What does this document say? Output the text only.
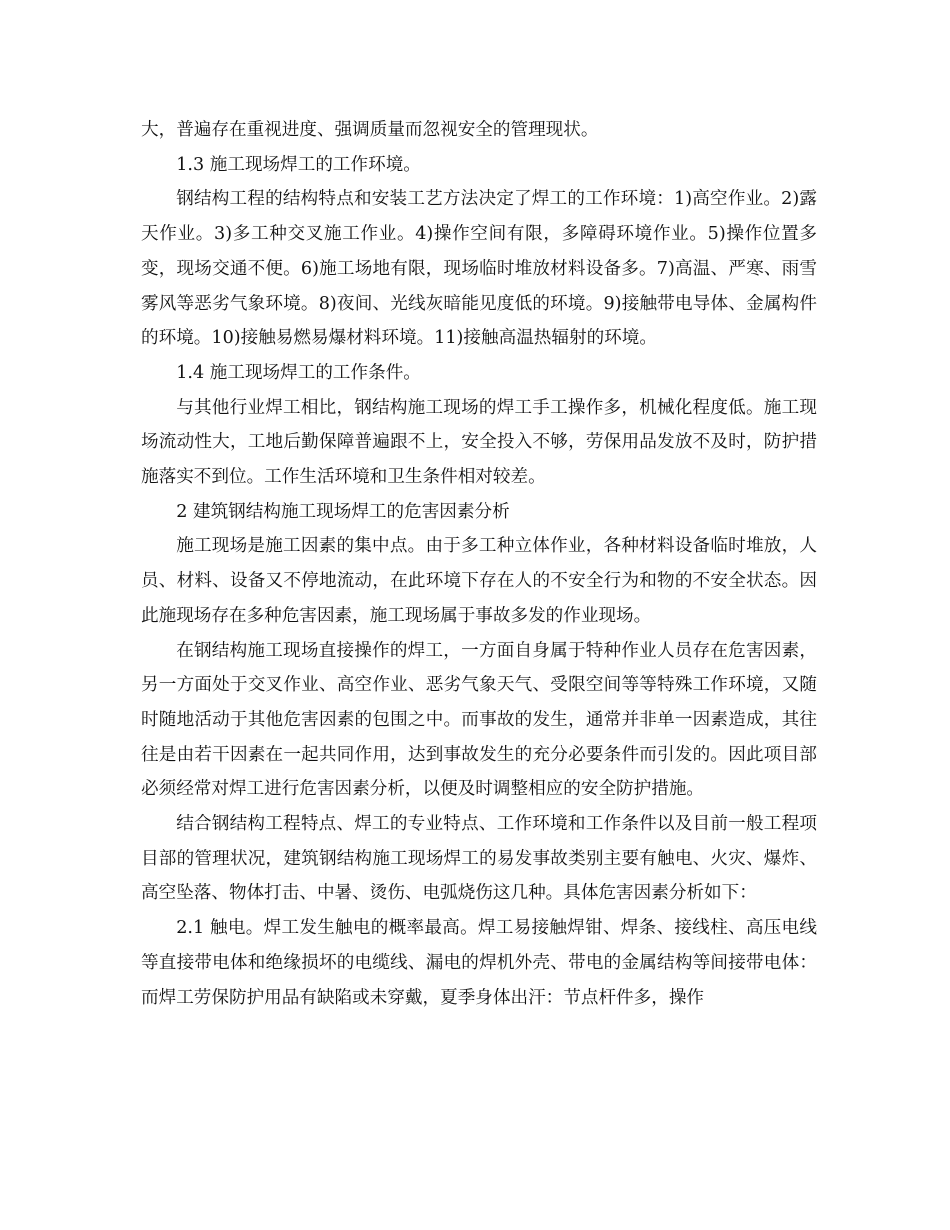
大，普遍存在重视进度、强调质量而忽视安全的管理现状。

1.3 施工现场焊工的工作环境。

钢结构工程的结构特点和安装工艺方法决定了焊工的工作环境：1)高空作业。2)露天作业。3)多工种交叉施工作业。4)操作空间有限，多障碍环境作业。5)操作位置多变，现场交通不便。6)施工场地有限，现场临时堆放材料设备多。7)高温、严寒、雨雪雾风等恶劣气象环境。8)夜间、光线灰暗能见度低的环境。9)接触带电导体、金属构件的环境。10)接触易燃易爆材料环境。11)接触高温热辐射的环境。

1.4 施工现场焊工的工作条件。

与其他行业焊工相比，钢结构施工现场的焊工手工操作多，机械化程度低。施工现场流动性大，工地后勤保障普遍跟不上，安全投入不够，劳保用品发放不及时，防护措施落实不到位。工作生活环境和卫生条件相对较差。

2 建筑钢结构施工现场焊工的危害因素分析

施工现场是施工因素的集中点。由于多工种立体作业，各种材料设备临时堆放，人员、材料、设备又不停地流动，在此环境下存在人的不安全行为和物的不安全状态。因此施现场存在多种危害因素，施工现场属于事故多发的作业现场。

在钢结构施工现场直接操作的焊工，一方面自身属于特种作业人员存在危害因素，另一方面处于交叉作业、高空作业、恶劣气象天气、受限空间等等特殊工作环境，又随时随地活动于其他危害因素的包围之中。而事故的发生，通常并非单一因素造成，其往往是由若干因素在一起共同作用，达到事故发生的充分必要条件而引发的。因此项目部必须经常对焊工进行危害因素分析，以便及时调整相应的安全防护措施。

结合钢结构工程特点、焊工的专业特点、工作环境和工作条件以及目前一般工程项目部的管理状况，建筑钢结构施工现场焊工的易发事故类别主要有触电、火灾、爆炸、高空坠落、物体打击、中暑、烫伤、电弧烧伤这几种。具体危害因素分析如下：

2.1 触电。焊工发生触电的概率最高。焊工易接触焊钳、焊条、接线柱、高压电线等直接带电体和绝缘损坏的电缆线、漏电的焊机外壳、带电的金属结构等间接带电体：而焊工劳保防护用品有缺陷或未穿戴，夏季身体出汗：节点杆件多，操作
